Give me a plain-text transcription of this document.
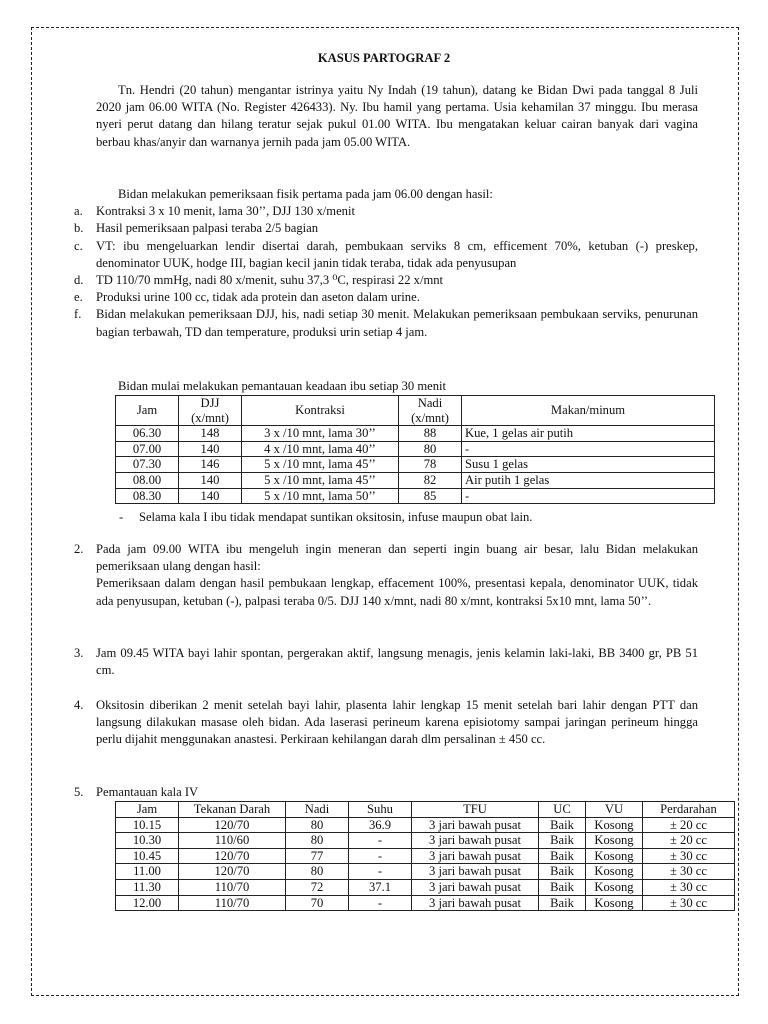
KASUS PARTOGRAF 2

Tn. Hendri (20 tahun) mengantar istrinya yaitu Ny Indah (19 tahun), datang ke Bidan Dwi pada tanggal 8 Juli 2020 jam 06.00 WITA (No. Register 426433). Ny. Ibu hamil yang pertama. Usia kehamilan 37 minggu. Ibu merasa nyeri perut datang dan hilang teratur sejak pukul 01.00 WITA. Ibu mengatakan keluar cairan banyak dari vagina berbau khas/anyir dan warnanya jernih pada jam 05.00 WITA.

Bidan melakukan pemeriksaan fisik pertama pada jam 06.00 dengan hasil:

a. Kontraksi 3 x 10 menit, lama 30’’, DJJ 130 x/menit

b. Hasil pemeriksaan palpasi teraba 2/5 bagian

c. VT: ibu mengeluarkan lendir disertai darah, pembukaan serviks 8 cm, efficement 70%, ketuban (-) preskep, denominator UUK, hodge III, bagian kecil janin tidak teraba, tidak ada penyusupan

d. TD 110/70 mmHg, nadi 80 x/menit, suhu 37,3 ⁰C, respirasi 22 x/mnt

e. Produksi urine 100 cc, tidak ada protein dan aseton dalam urine.

f. Bidan melakukan pemeriksaan DJJ, his, nadi setiap 30 menit. Melakukan pemeriksaan pembukaan serviks, penurunan bagian terbawah, TD dan temperature, produksi urin setiap 4 jam.

Bidan mulai melakukan pemantauan keadaan ibu setiap 30 menit

Jam	DJJ (x/mnt)	Kontraksi	Nadi (x/mnt)	Makan/minum
06.30	148	3 x /10 mnt, lama 30’’	88	Kue, 1 gelas air putih
07.00	140	4 x /10 mnt, lama 40’’	80	-
07.30	146	5 x /10 mnt, lama 45’’	78	Susu 1 gelas
08.00	140	5 x /10 mnt, lama 45’’	82	Air putih 1 gelas
08.30	140	5 x /10 mnt, lama 50’’	85	-
-     Selama kala I ibu tidak mendapat suntikan oksitosin, infuse maupun obat lain.
2. Pada jam 09.00 WITA ibu mengeluh ingin meneran dan seperti ingin buang air besar, lalu Bidan melakukan pemeriksaan ulang dengan hasil:

Pemeriksaan dalam dengan hasil pembukaan lengkap, effacement 100%, presentasi kepala, denominator UUK, tidak ada penyusupan, ketuban (-), palpasi teraba 0/5. DJJ 140 x/mnt, nadi 80 x/mnt, kontraksi 5x10 mnt, lama 50’’.

3. Jam 09.45 WITA bayi lahir spontan, pergerakan aktif, langsung menagis, jenis kelamin laki-laki, BB 3400 gr, PB 51 cm.

4. Oksitosin diberikan 2 menit setelah bayi lahir, plasenta lahir lengkap 15 menit setelah bari lahir dengan PTT dan langsung dilakukan masase oleh bidan. Ada laserasi perineum karena episiotomy sampai jaringan perineum hingga perlu dijahit menggunakan anastesi. Perkiraan kehilangan darah dlm persalinan ± 450 cc.

5. Pemantauan kala IV

Jam	Tekanan Darah	Nadi	Suhu	TFU	UC	VU	Perdarahan
10.15	120/70	80	36.9	3 jari bawah pusat	Baik	Kosong	± 20 cc
10.30	110/60	80	-	3 jari bawah pusat	Baik	Kosong	± 20 cc
10.45	120/70	77	-	3 jari bawah pusat	Baik	Kosong	± 30 cc
11.00	120/70	80	-	3 jari bawah pusat	Baik	Kosong	± 30 cc
11.30	110/70	72	37.1	3 jari bawah pusat	Baik	Kosong	± 30 cc
12.00	110/70	70	-	3 jari bawah pusat	Baik	Kosong	± 30 cc
